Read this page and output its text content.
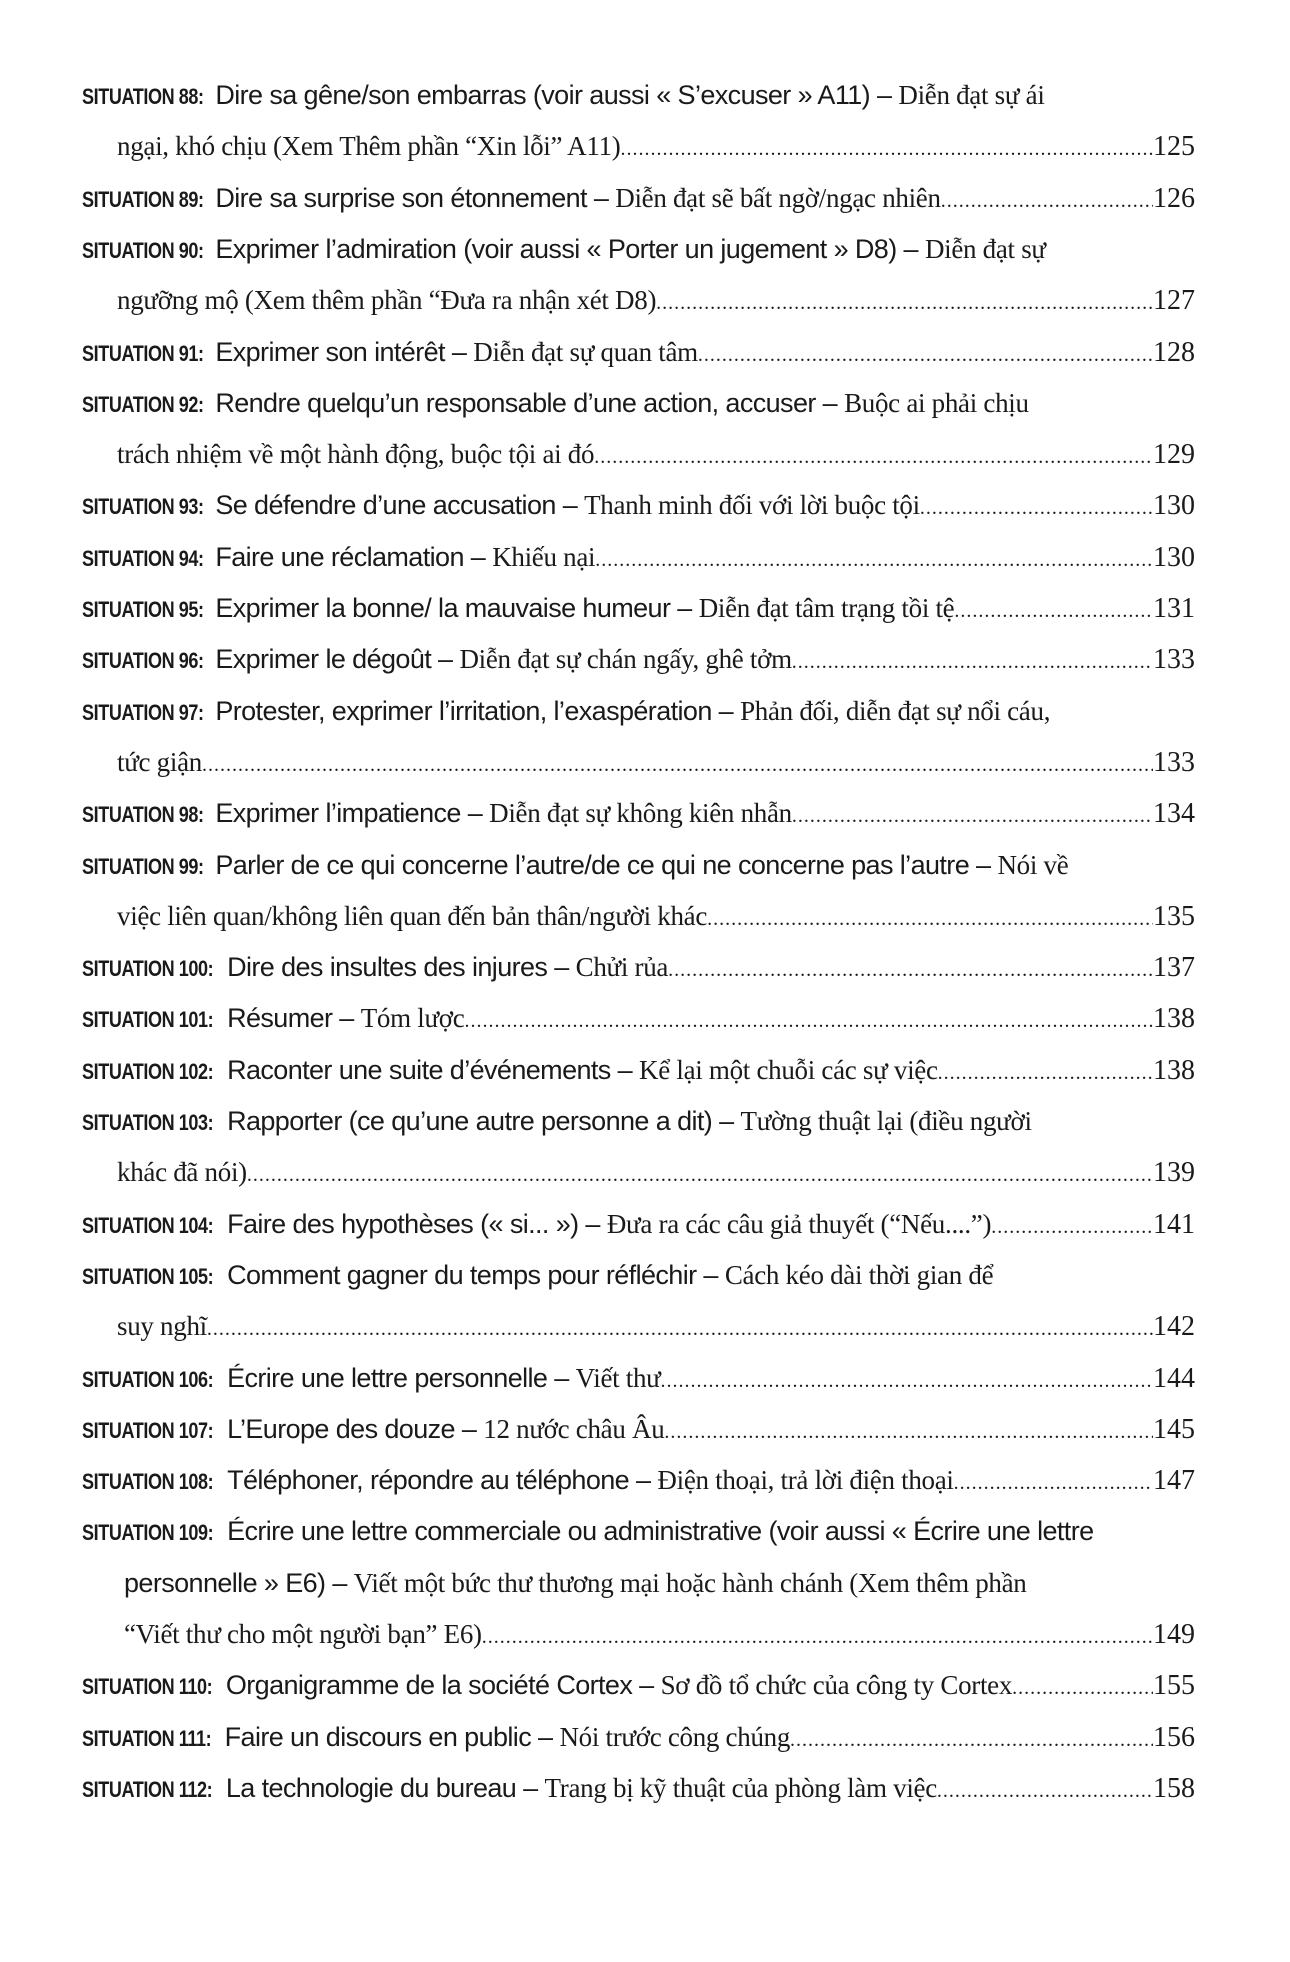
SITUATION 88: Dire sa gêne/son embarras (voir aussi « S’excuser » A11) – Diễn đạt sự ái
ngại, khó chịu (Xem Thêm phần “Xin lỗi” A11) .....	125
SITUATION 89: Dire sa surprise son étonnement – Diễn đạt sẽ bất ngờ/ngạc nhiên .....	126
SITUATION 90: Exprimer l’admiration (voir aussi « Porter un jugement » D8) – Diễn đạt sự
ngưỡng mộ (Xem thêm phần “Đưa ra nhận xét D8) .....	127
SITUATION 91: Exprimer son intérêt – Diễn đạt sự quan tâm .....	128
SITUATION 92: Rendre quelqu’un responsable d’une action, accuser – Buộc ai phải chịu
trách nhiệm về một hành động, buộc tội ai đó .....	129
SITUATION 93: Se défendre d’une accusation – Thanh minh đối với lời buộc tội .....	130
SITUATION 94: Faire une réclamation – Khiếu nại .....	130
SITUATION 95: Exprimer la bonne/ la mauvaise humeur – Diễn đạt tâm trạng tồi tệ .....	131
SITUATION 96: Exprimer le dégoût – Diễn đạt sự chán ngấy, ghê tởm .....	133
SITUATION 97: Protester, exprimer l’irritation, l’exaspération – Phản đối, diễn đạt sự nổi cáu,
tức giận .....	133
SITUATION 98: Exprimer l’impatience – Diễn đạt sự không kiên nhẫn .....	134
SITUATION 99: Parler de ce qui concerne l’autre/de ce qui ne concerne pas l’autre – Nói về
việc liên quan/không liên quan đến bản thân/người khác .....	135
SITUATION 100: Dire des insultes des injures – Chửi rủa .....	137
SITUATION 101: Résumer – Tóm lược .....	138
SITUATION 102: Raconter une suite d’événements – Kể lại một chuỗi các sự việc .....	138
SITUATION 103: Rapporter (ce qu’une autre personne a dit) – Tường thuật lại (điều người
khác đã nói) .....	139
SITUATION 104: Faire des hypothèses (« si... ») – Đưa ra các câu giả thuyết (“Nếu....”) .....	141
SITUATION 105: Comment gagner du temps pour réfléchir – Cách kéo dài thời gian để
suy nghĩ .....	142
SITUATION 106: Écrire une lettre personnelle – Viết thư .....	144
SITUATION 107: L’Europe des douze – 12 nước châu Âu .....	145
SITUATION 108: Téléphoner, répondre au téléphone – Điện thoại, trả lời điện thoại .....	147
SITUATION 109: Écrire une lettre commerciale ou administrative (voir aussi « Écrire une lettre
personnelle » E6) – Viết một bức thư thương mại hoặc hành chánh (Xem thêm phần
“Viết thư cho một người bạn” E6) .....	149
SITUATION 110: Organigramme de la société Cortex – Sơ đồ tổ chức của công ty Cortex .....	155
SITUATION 111: Faire un discours en public – Nói trước công chúng .....	156
SITUATION 112: La technologie du bureau – Trang bị kỹ thuật của phòng làm việc .....	158
